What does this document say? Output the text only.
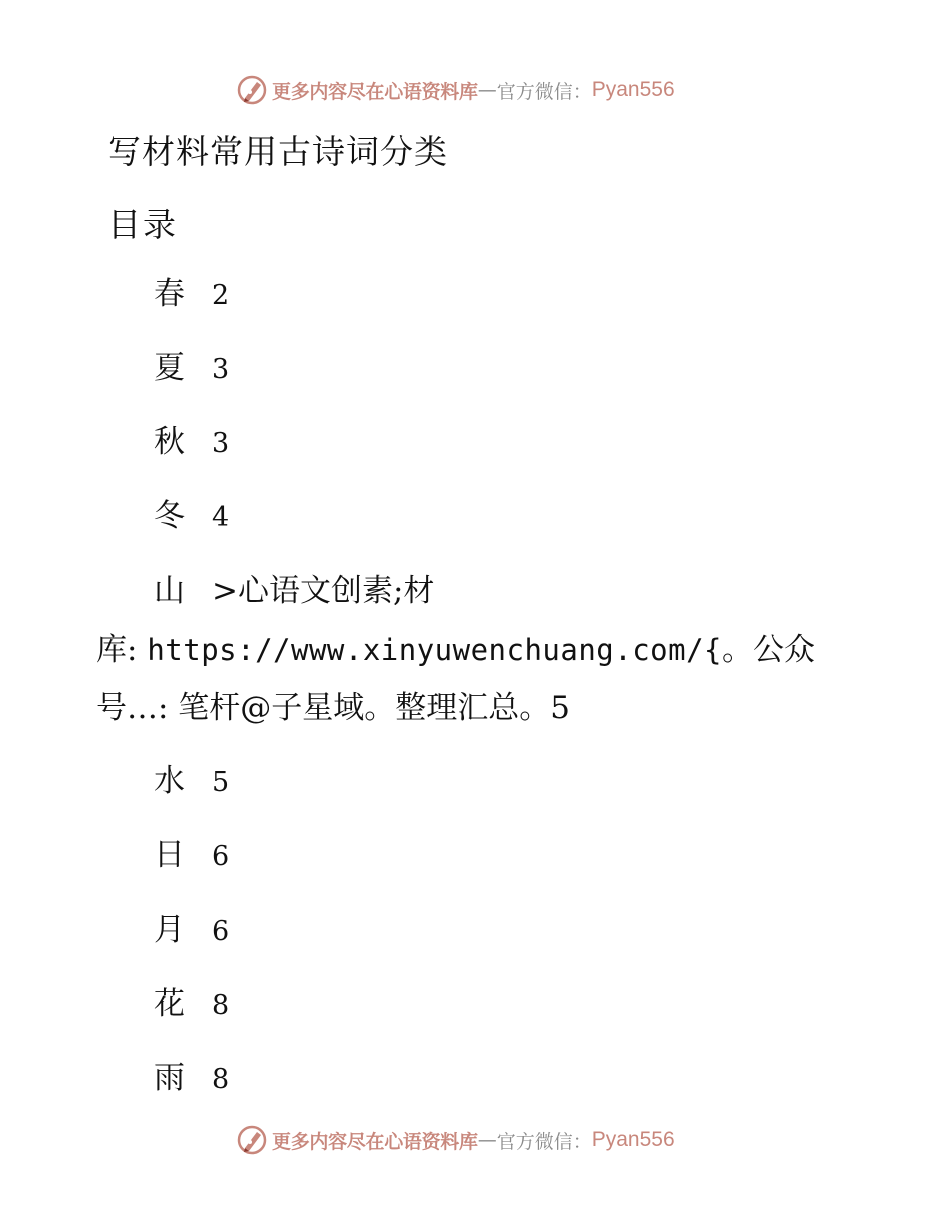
更多内容尽在心语资料库 — 官方微信： Pyan556
写材料常用古诗词分类
目录
春 2
夏 3
秋 3
冬 4
山 >心语文创素;材
库: https://www.xinyuwenchuang.com/{。公众
号…: 笔杆@子星域。整理汇总。5
水 5
日 6
月 6
花 8
雨 8
更多内容尽在心语资料库 — 官方微信： Pyan556
